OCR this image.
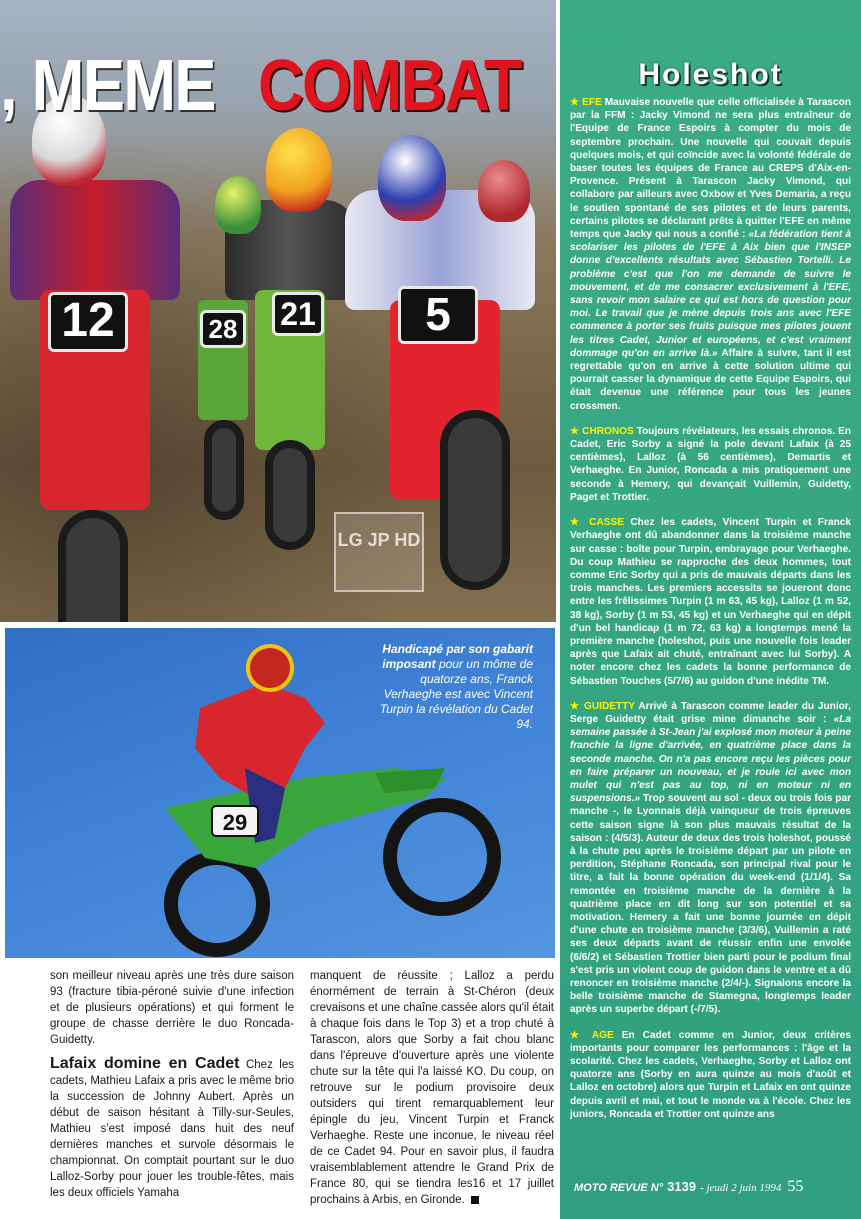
12	21
28	5
, MEME COMBAT
LG JP HD
29
Handicapé par son gabarit imposant pour un môme de quatorze ans, Franck Verhaeghe est avec Vincent Turpin la révélation du Cadet 94.

son meilleur niveau après une très dure saison 93 (fracture tibia-péroné suivie d'une infection et de plusieurs opérations) et qui forment le groupe de chasse derrière le duo Roncada-Guidetty.

Lafaix domine en Cadet Chez les cadets, Mathieu Lafaix a pris avec le même brio la succession de Johnny Aubert. Après un début de saison hésitant à Tilly-sur-Seules, Mathieu s'est imposé dans huit des neuf dernières manches et survole désormais le championnat. On comptait pourtant sur le duo Lalloz-Sorby pour jouer les trouble-fêtes, mais les deux officiels Yamaha

manquent de réussite ; Lalloz a perdu énormément de terrain à St-Chéron (deux crevaisons et une chaîne cassée alors qu'il était à chaque fois dans le Top 3) et a trop chuté à Tarascon, alors que Sorby a fait chou blanc dans l'épreuve d'ouverture après une violente chute sur la tête qui l'a laissé KO. Du coup, on retrouve sur le podium provisoire deux outsiders qui tirent remarquablement leur épingle du jeu, Vincent Turpin et Franck Verhaeghe. Reste une inconue, le niveau réel de ce Cadet 94. Pour en savoir plus, il faudra vraisemblablement attendre le Grand Prix de France 80, qui se tiendra les16 et 17 juillet prochains à Arbis, en Gironde.

Holeshot
★ EFE Mauvaise nouvelle que celle officialisée à Tarascon par la FFM : Jacky Vimond ne sera plus entraîneur de l'Equipe de France Espoirs à compter du mois de septembre prochain. Une nouvelle qui couvait depuis quelques mois, et qui coïncide avec la volonté fédérale de baser toutes les équipes de France au CREPS d'Aix-en-Provence. Présent à Tarascon Jacky Vimond, qui collabore par ailleurs avec Oxbow et Yves Demaria, a reçu le soutien spontané de ses pilotes et de leurs parents, certains pilotes se déclarant prêts à quitter l'EFE en même temps que Jacky qui nous a confié : «La fédération tient à scolariser les pilotes de l'EFE à Aix bien que l'INSEP donne d'excellents résultats avec Sébastien Tortelli. Le problème c'est que l'on me demande de suivre le mouvement, et de me consacrer exclusivement à l'EFE, sans revoir mon salaire ce qui est hors de question pour moi. Le travail que je mène depuis trois ans avec l'EFE commence à porter ses fruits puisque mes pilotes jouent les titres Cadet, Junior et européens, et c'est vraiment dommage qu'on en arrive là.» Affaire à suivre, tant il est regrettable qu'on en arrive à cette solution ultime qui pourrait casser la dynamique de cette Equipe Espoirs, qui était devenue une référence pour tous les jeunes crossmen.
★ CHRONOS Toujours révélateurs, les essais chronos. En Cadet, Eric Sorby a signé la pole devant Lafaix (à 25 centièmes), Lalloz (à 56 centièmes), Demartis et Verhaeghe. En Junior, Roncada a mis pratiquement une seconde à Hemery, qui devançait Vuillemin, Guidetty, Paget et Trottier.
★ CASSE Chez les cadets, Vincent Turpin et Franck Verhaeghe ont dû abandonner dans la troisième manche sur casse : boîte pour Turpin, embrayage pour Verhaeghe. Du coup Mathieu se rapproche des deux hommes, tout comme Eric Sorby qui a pris de mauvais départs dans les trois manches. Les premiers accessits se joueront donc entre les frêlissimes Turpin (1 m 63, 45 kg), Lalloz (1 m 52, 38 kg), Sorby (1 m 53, 45 kg) et un Verhaeghe qui en dépit d'un bel handicap (1 m 72, 63 kg) a longtemps mené la première manche (holeshot, puis une nouvelle fois leader après que Lafaix ait chuté, entraînant avec lui Sorby). A noter encore chez les cadets la bonne performance de Sébastien Touches (5/7/6) au guidon d'une inédite TM.
★ GUIDETTY Arrivé à Tarascon comme leader du Junior, Serge Guidetty était grise mine dimanche soir : «La semaine passée à St-Jean j'ai explosé mon moteur à peine franchie la ligne d'arrivée, en quatrième place dans la seconde manche. On n'a pas encore reçu les pièces pour en faire préparer un nouveau, et je roule ici avec mon mulet qui n'est pas au top, ni en moteur ni en suspensions.» Trop souvent au sol - deux ou trois fois par manche -, le Lyonnais déjà vainqueur de trois épreuves cette saison signe là son plus mauvais résultat de la saison : (4/5/3). Auteur de deux des trois holeshot, poussé à la chute peu après le troisième départ par un pilote en perdition, Stéphane Roncada, son principal rival pour le titre, a fait la bonne opération du week-end (1/1/4). Sa remontée en troisième manche de la dernière à la quatrième place en dit long sur son potentiel et sa motivation. Hemery a fait une bonne journée en dépit d'une chute en troisième manche (3/3/6), Vuillemin a raté ses deux départs avant de réussir enfin une envolée (6/6/2) et Sébastien Trottier bien parti pour le podium final s'est pris un violent coup de guidon dans le ventre et a dû renoncer en troisième manche (2/4/-). Signalons encore la belle troisième manche de Stamegna, longtemps leader après un superbe départ (-/7/5).
★ AGE En Cadet comme en Junior, deux critères importants pour comparer les performances : l'âge et la scolarité. Chez les cadets, Verhaeghe, Sorby et Lalloz ont quatorze ans (Sorby en aura quinze au mois d'août et Lalloz en octobre) alors que Turpin et Lafaix en ont quinze depuis avril et mai, et tout le monde va à l'école. Chez les juniors, Roncada et Trottier ont quinze ans
MOTO REVUE N° 3139 - jeudi 2 juin 1994 55
